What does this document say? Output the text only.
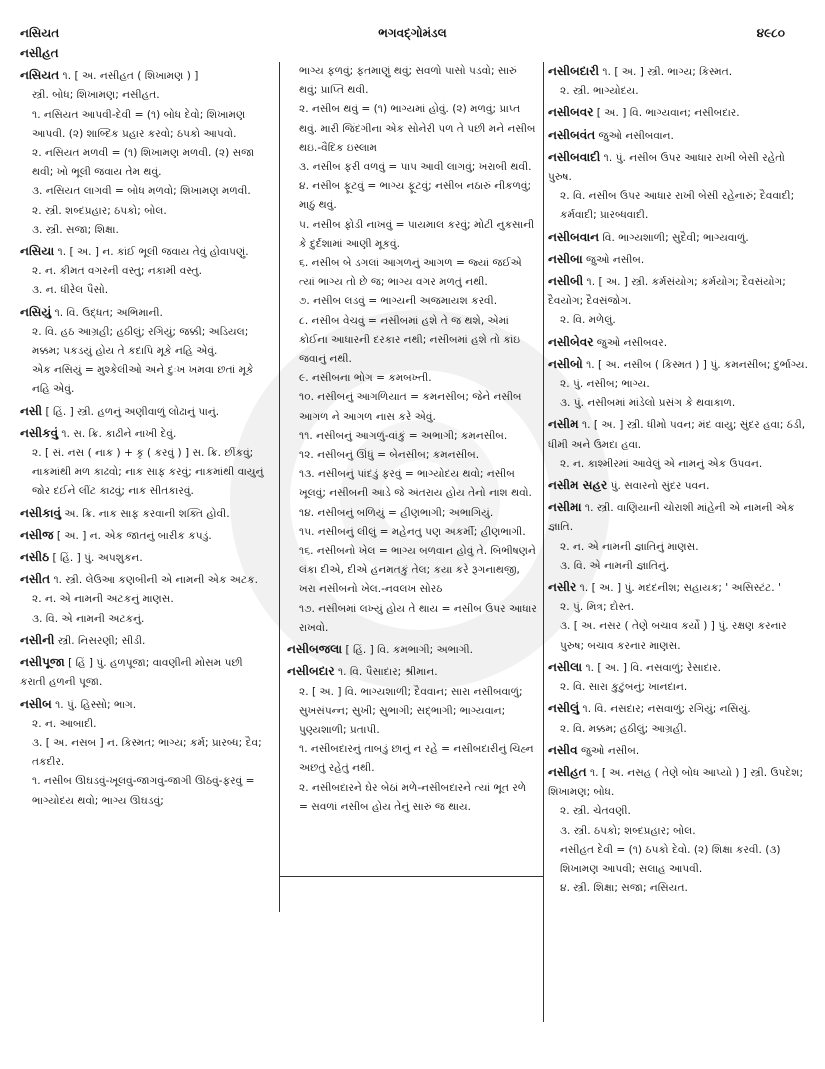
નસિયત	ભગવદ્ગોમંડલ	૪૯૮૦
નસીહત
નસિયત ૧. [ અ. નસીહત ( શિખામણ ) ]
સ્ત્રી. બોધ; શિખામણ; નસીહત.
૧. નસિયત આપવી-દેવી = (૧) બોધ દેવો; શિખામણ આપવી. (૨) શાબ્દિક પ્રહાર કરવો; ઠપકો આપવો.
૨. નસિયત મળવી = (૧) શિખામણ મળવી. (૨) સજા થવી; ખો ભૂલી જવાય તેમ થવું.
૩. નસિયત લાગવી = બોધ મળવો; શિખામણ મળવી.
૨. સ્ત્રી. શબ્દપ્રહાર; ઠપકો; બોલ.
૩. સ્ત્રી. સજા; શિક્ષા.
નસિયા ૧. [ અ. ] ન. કાંઈ ભૂલી જવાય તેવું હોવાપણું.
૨. ન. કીમત વગરની વસ્તુ; નકામી વસ્તુ.
૩. ન. ધીરેલ પૈસો.
નસિયું ૧. વિ. ઉદ્ધત; અભિમાની.
૨. વિ. હઠ આગ્રહી; હઠીલું; રગિયું; જક્કી; અડિયલ; મક્કમ; પકડયું હોય તે કદાપિ મૂકે નહિ એવું.
એક નસિયું = મુશ્કેલીઓ અને દુઃખ ખમવા છતાં મૂકે નહિ એવું.
નસી [ હિં. ] સ્ત્રી. હળનું અણીવાળું લોઢાનું પાનું.
નસીકવું ૧. સ. ક્રિ. કાઢીને નાખી દેવું.
૨. [ સં. નસ ( નાક ) + કૃ ( કરવું ) ] સ. ક્રિ. છીંકવું; નાકમાંથી મળ કાઢવો; નાક સાફ કરવું; નાકમાંથી વાયુનું જોર દઈને લીંટ કાઢવું; નાક સીતકારવું.
નસીકાવું અ. ક્રિ. નાક સાફ કરવાની શક્તિ હોવી.
નસીજ [ અ. ] ન. એક જાતનું બારીક કપડું.
નસીઠ [ હિં. ] પું. અપશુકન.
નસીત ૧. સ્ત્રી. લેઉઆ કણબીની એ નામની એક અટક.
૨. ન. એ નામની અટકનું માણસ.
૩. વિ. એ નામની અટકનું.
નસીની સ્ત્રી. નિસરણી; સીડી.
નસીપૂજા [ હિં ] પું. હળપૂજા; વાવણીની મોસમ પછી કરાતી હળની પૂજા.
નસીબ ૧. પું. હિસ્સો; ભાગ.
૨. ન. આબાદી.
૩. [ અ. નસબ ] ન. કિસ્મત; ભાગ્ય; કર્મ; પ્રારબ્ધ; દૈવ; તકદીર.
૧. નસીબ ઊઘડવું-ખૂલવું-જાગવું-જાગી ઊઠવું-ફરવું = ભાગ્યોદય થવો; ભાગ્ય ઊઘડવું;
ભાગ્ય ફળવું; ફતમાણું થવું; સવળો પાસો પડવો; સારું થવું; પ્રાપ્તિ થવી.
૨. નસીબ થવું = (૧) ભાગ્યમાં હોવું. (૨) મળવું; પ્રાપ્ત થવું. મારી જિંદગીના એક સોનેરી પળ તે પછી મને નસીબ થઇ.-વૈદિક ઇસ્લામ
૩. નસીબ ફરી વળવું = પાપ આવી લાગવું; ખરાબી થવી.
૪. નસીબ ફૂટવું = ભાગ્ય ફૂટવું; નસીબ નઠારું નીકળવું; માઠું થવું.
૫. નસીબ ફોડી નાખવું = પાયમાલ કરવું; મોટી નુકસાની કે દુર્દશામાં આણી મૂકવું.
૬. નસીબ બે ડગલાં આગળનું આગળ = જ્યાં જઈએ ત્યાં ભાગ્ય તો છે જ; ભાગ્ય વગર મળતું નથી.
૭. નસીબ લડવું = ભાગ્યની અજમાયશ કરવી.
૮. નસીબ વેચવું = નસીબમાં હશે તે જ થશે, એમાં કોઈના આધારની દરકાર નથી; નસીબમાં હશે તો કાંઇ જવાનું નથી.
૯. નસીબના ભોગ = કમબખ્તી.
૧૦. નસીબનું આગળિયાત = કમનસીબ; જેને નસીબ આગળ ને આગળ નાસ કરે એવું.
૧૧. નસીબનું આગળું-વાંકું = અભાગી; કમનસીબ.
૧૨. નસીબનું ઊંધું = બેનસીબ; કમનસીબ.
૧૩. નસીબનું પાંદડું ફરવું = ભાગ્યોદય થવો; નસીબ ખૂલવું; નસીબની આડે જે અંતરાય હોય તેનો નાશ થવો.
૧૪. નસીબનું બળિયું = હીણભાગી; અભાગિયું.
૧૫. નસીબનું લીલું = મહેનતુ પણ અકર્મી; હીણભાગી.
૧૬. નસીબનો ખેલ = ભાગ્ય બળવાન હોવું તે. બિભીષણને લંકા દીએ, દીએ હનમતકું તેલ; કયા કરે રૂગનાથજી, ખરા નસીબનો ખેલ.-નવલખ સોરઠ
૧૭. નસીબમાં લખ્યું હોય તે થાય = નસીબ ઉપર આધાર રાખવો.
નસીબજલા [ હિં. ] વિ. કમભાગી; અભાગી.
નસીબદાર ૧. વિ. પૈસાદાર; શ્રીમાન.
૨. [ અ. ] વિ. ભાગ્યશાળી; દૈવવાન; સારા નસીબવાળું; સુખસંપન્ન; સુખી; સુભાગી; સદ્ભાગી; ભાગ્યવાન; પુણ્યશાળી; પ્રતાપી.
૧. નસીબદારનું તાબડું છાનું ન રહે = નસીબદારીનું ચિહ્ન અછતું રહેતું નથી.
૨. નસીબદારને ઘેર બેઠાં મળે-નસીબદારને ત્યાં ભૂત રળે = સવળાં નસીબ હોય તેનું સારું જ થાય.
નસીબદારી ૧. [ અ. ] સ્ત્રી. ભાગ્ય; કિસ્મત.
૨. સ્ત્રી. ભાગ્યોદય.
નસીબવર [ અ. ] વિ. ભાગ્યવાન; નસીબદાર.
નસીબવંત જુઓ નસીબવાન.
નસીબવાદી ૧. પું. નસીબ ઉપર આધાર રાખી બેસી રહેતો પુરુષ.
૨. વિ. નસીબ ઉપર આધાર રાખી બેસી રહેનારું; દૈવવાદી; કર્મવાદી; પ્રારબ્ધવાદી.
નસીબવાન વિ. ભાગ્યશાળી; સુદૈવી; ભાગ્યવાળું.
નસીબા જુઓ નસીબ.
નસીબી ૧. [ અ. ] સ્ત્રી. કર્મસંયોગ; કર્મયોગ; દૈવસંયોગ; દૈવયોગ; દૈવસંજોગ.
૨. વિ. મળેલું.
નસીબેવર જુઓ નસીબવર.
નસીબો ૧. [ અ. નસીબ ( કિસ્મત ) ] પું. કમનસીબ; દુર્ભાગ્ય.
૨. પું. નસીબ; ભાગ્ય.
૩. પું. નસીબમાં માંડેલો પ્રસંગ કે થવાકાળ.
નસીમ ૧. [ અ. ] સ્ત્રી. ધીમો પવન; મંદ વાયુ; સુંદર હવા; ઠંડી, ધીમી અને ઉમદા હવા.
૨. ન. કાશ્મીરમાં આવેલું એ નામનું એક ઉપવન.
નસીમ સહર પું. સવારનો સુંદર પવન.
નસીમા ૧. સ્ત્રી. વાણિયાની ચોરાશી માંહેની એ નામની એક જ્ઞાતિ.
૨. ન. એ નામની જ્ઞાતિનું માણસ.
૩. વિ. એ નામની જ્ઞાતિનું.
નસીર ૧. [ અ. ] પું. મદદનીશ; સહાયક; ' અસિસ્ટંટ. '
૨. પું. મિત્ર; દોસ્ત.
૩. [ અ. નસર ( તેણે બચાવ કર્યો ) ] પું. રક્ષણ કરનાર પુરુષ; બચાવ કરનાર માણસ.
નસીલા ૧. [ અ. ] વિ. નસવાળું; રેસાદાર.
૨. વિ. સારા કુટુંબનું; ખાનદાન.
નસીલું ૧. વિ. નસદાર; નસવાળું; રગિયું; નસિયું.
૨. વિ. મક્કમ; હઠીલું; આગ્રહી.
નસીવ જુઓ નસીબ.
નસીહત ૧. [ અ. નસહ ( તેણે બોધ આપ્યો ) ] સ્ત્રી. ઉપદેશ; શિખામણ; બોધ.
૨. સ્ત્રી. ચેતવણી.
૩. સ્ત્રી. ઠપકો; શબ્દપ્રહાર; બોલ.
નસીહત દેવી = (૧) ઠપકો દેવો. (૨) શિક્ષા કરવી. (૩) શિખામણ આપવી; સલાહ આપવી.
૪. સ્ત્રી. શિક્ષા; સજા; નસિયત.
